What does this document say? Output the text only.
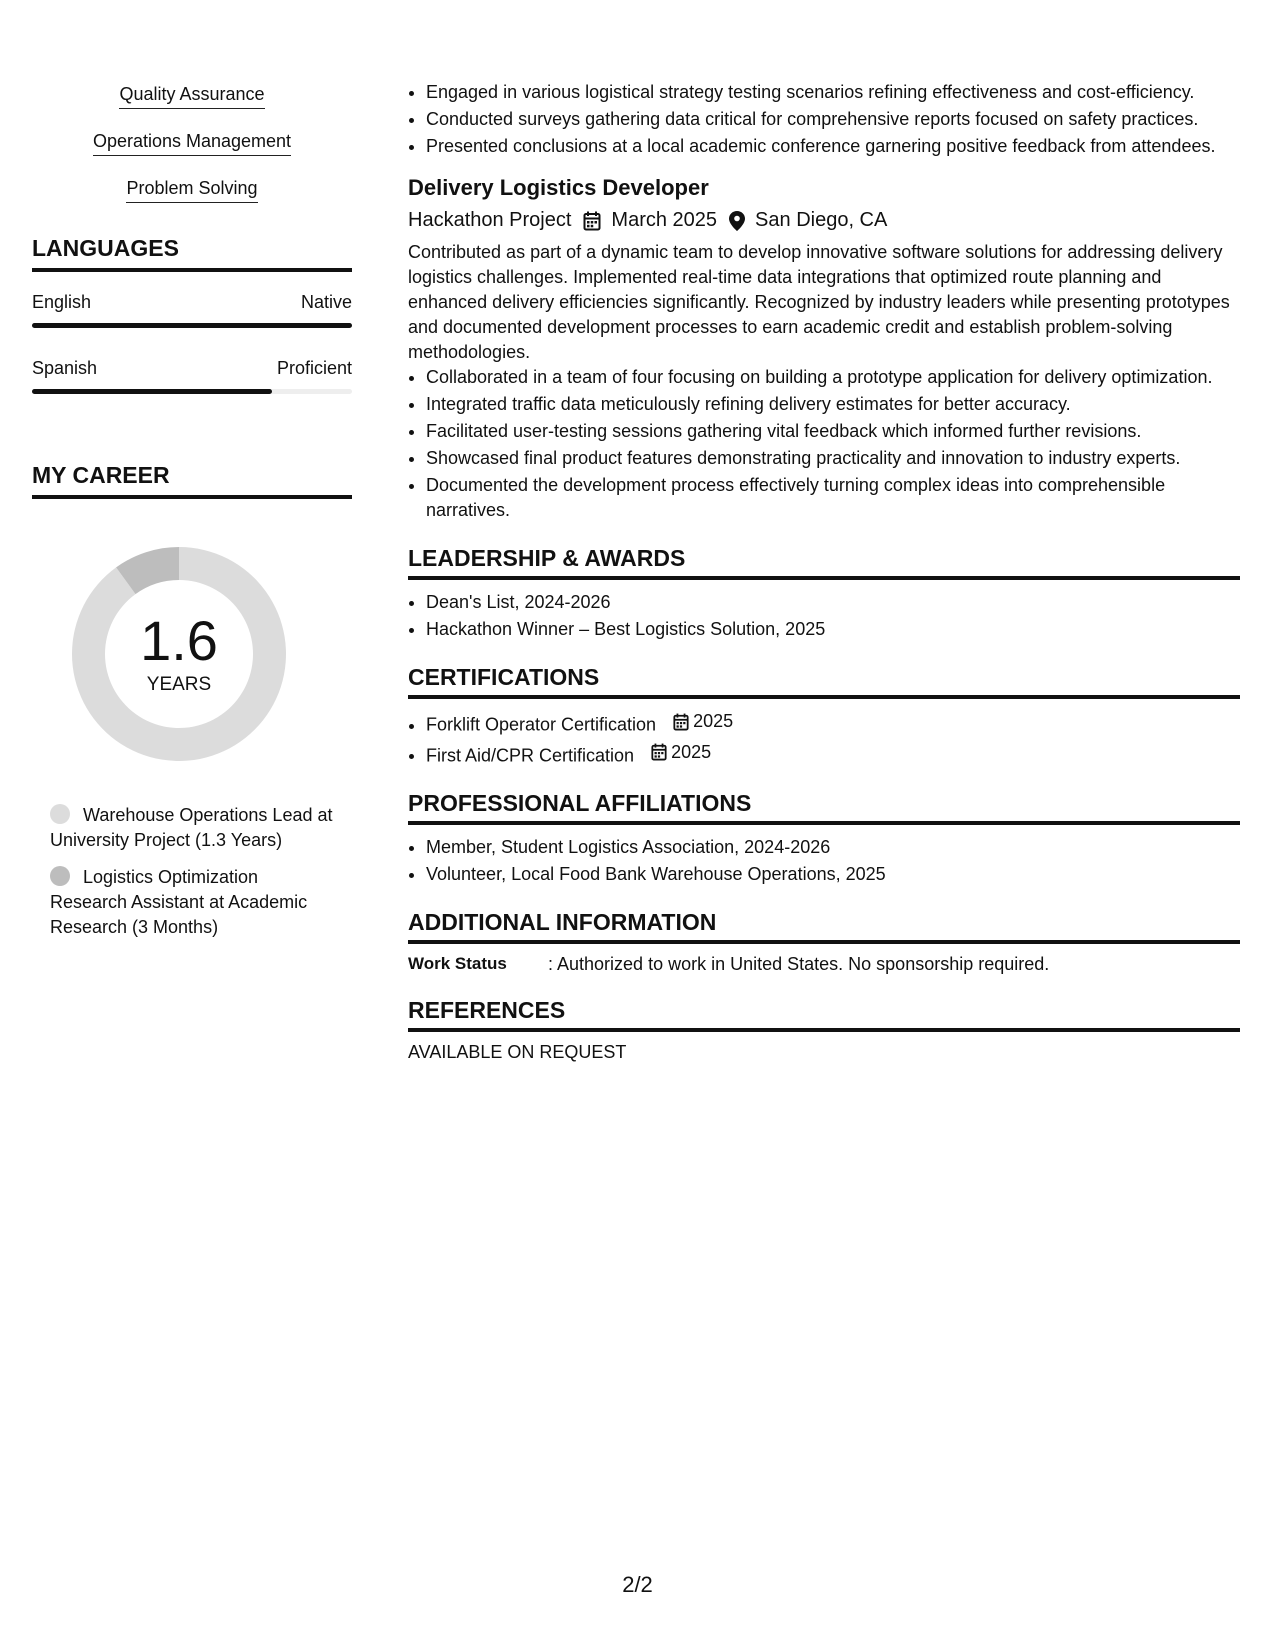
Quality Assurance
Operations Management
Problem Solving
LANGUAGES
English	Native
Spanish	Proficient
MY CAREER
1.6
YEARS
Warehouse Operations Lead at University Project (1.3 Years)
Logistics Optimization Research Assistant at Academic Research (3 Months)
• Engaged in various logistical strategy testing scenarios refining effectiveness and cost-efficiency.
• Conducted surveys gathering data critical for comprehensive reports focused on safety practices.
• Presented conclusions at a local academic conference garnering positive feedback from attendees.
Delivery Logistics Developer
Hackathon Project March 2025 San Diego, CA
Contributed as part of a dynamic team to develop innovative software solutions for addressing delivery logistics challenges. Implemented real-time data integrations that optimized route planning and enhanced delivery efficiencies significantly. Recognized by industry leaders while presenting prototypes and documented development processes to earn academic credit and establish problem-solving methodologies.
• Collaborated in a team of four focusing on building a prototype application for delivery optimization.
• Integrated traffic data meticulously refining delivery estimates for better accuracy.
• Facilitated user-testing sessions gathering vital feedback which informed further revisions.
• Showcased final product features demonstrating practicality and innovation to industry experts.
• Documented the development process effectively turning complex ideas into comprehensible narratives.
LEADERSHIP & AWARDS
• Dean's List, 2024-2026
• Hackathon Winner – Best Logistics Solution, 2025
CERTIFICATIONS
• Forklift Operator Certification 2025
• First Aid/CPR Certification 2025
PROFESSIONAL AFFILIATIONS
• Member, Student Logistics Association, 2024-2026
• Volunteer, Local Food Bank Warehouse Operations, 2025
ADDITIONAL INFORMATION
Work Status	: Authorized to work in United States. No sponsorship required.
REFERENCES
AVAILABLE ON REQUEST
2/2
